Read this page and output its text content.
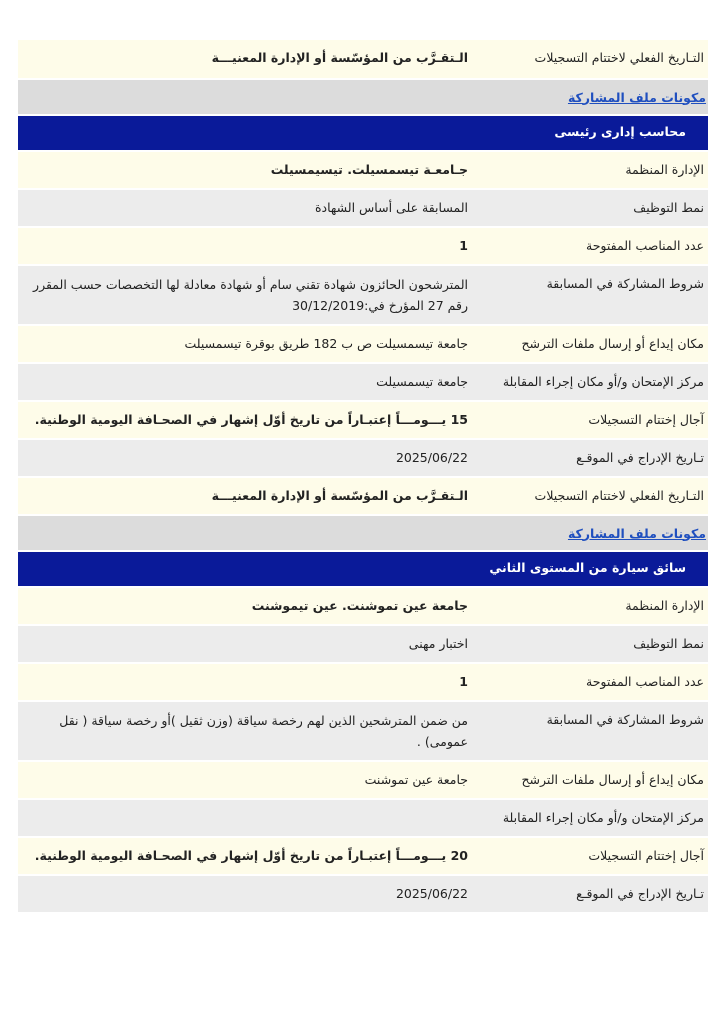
التـاريخ الفعلي لاختتام التسجيلات
الـتقـرَّب من المؤسّسة أو الإدارة المعنيـــة
مكونات ملف المشاركة
محاسب إدارى رئيسى
الإدارة المنظمة
جـامعـة تيسمسيلت. تيسيمسيلت
نمط التوظيف
المسابقة على أساس الشهادة
عدد المناصب المفتوحة
1
شروط المشاركة في المسابقة
المترشحون الحائزون شهادة تقني سام أو شهادة معادلة لها التخصصات حسب المقرر رقم 27 المؤرخ في:30/12/2019
مكان إيداع أو إرسال ملفات الترشح
جامعة تيسمسيلت ص ب 182 طريق بوقرة تيسمسيلت
مركز الإمتحان و/أو مكان إجراء المقابلة
جامعة تيسمسيلت
آجال إختتام التسجيلات
15 يـــومـــاً إعتبـاراً من تاريخ أوّل إشهار في الصحـافة اليومية الوطنية.
تـاريخ الإدراج في الموقـع
2025/06/22
التـاريخ الفعلي لاختتام التسجيلات
الـتقـرَّب من المؤسّسة أو الإدارة المعنيـــة
مكونات ملف المشاركة
سائق سيارة من المستوى الثاني
الإدارة المنظمة
جامعة عين تموشنت. عين تيموشنت
نمط التوظيف
اختبار مهنى
عدد المناصب المفتوحة
1
شروط المشاركة في المسابقة
من ضمن المترشحين الذين لهم رخصة سياقة (وزن ثقيل )أو رخصة سياقة ( نقل عمومى) .
مكان إيداع أو إرسال ملفات الترشح
جامعة عين تموشنت
مركز الإمتحان و/أو مكان إجراء المقابلة
آجال إختتام التسجيلات
20 يـــومـــاً إعتبـاراً من تاريخ أوّل إشهار في الصحـافة اليومية الوطنية.
تـاريخ الإدراج في الموقـع
2025/06/22
